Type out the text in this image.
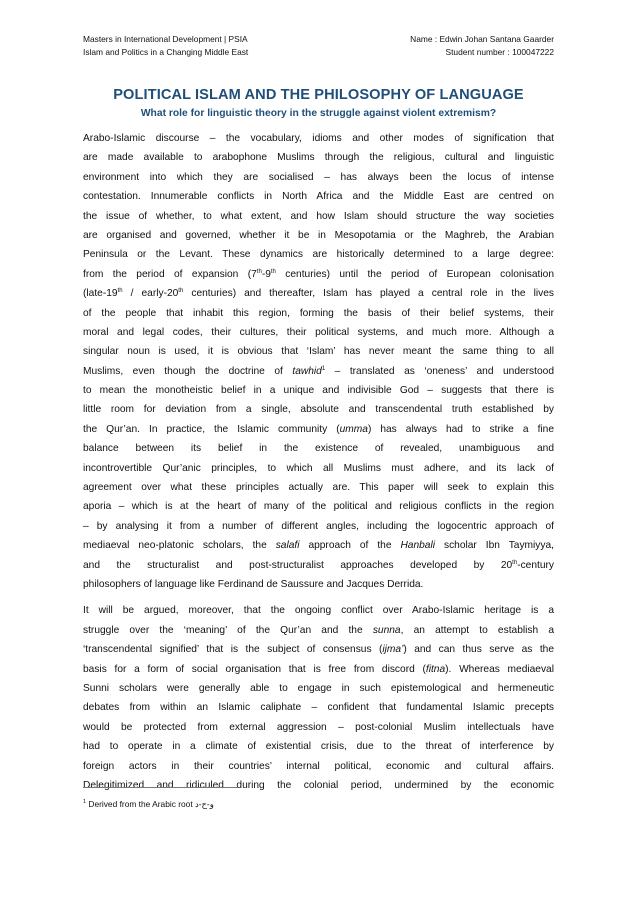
Masters in International Development | PSIA	Name : Edwin Johan Santana Gaarder
Islam and Politics in a Changing Middle East	Student number : 100047222
POLITICAL ISLAM AND THE PHILOSOPHY OF LANGUAGE
What role for linguistic theory in the struggle against violent extremism?
Arabo-Islamic discourse – the vocabulary, idioms and other modes of signification that
are made available to arabophone Muslims through the religious, cultural and linguistic
environment into which they are socialised – has always been the locus of intense
contestation. Innumerable conflicts in North Africa and the Middle East are centred on
the issue of whether, to what extent, and how Islam should structure the way societies
are organised and governed, whether it be in Mesopotamia or the Maghreb, the Arabian
Peninsula or the Levant. These dynamics are historically determined to a large degree:
from the period of expansion (7th-9th centuries) until the period of European colonisation
(late-19th / early-20th centuries) and thereafter, Islam has played a central role in the lives
of the people that inhabit this region, forming the basis of their belief systems, their
moral and legal codes, their cultures, their political systems, and much more. Although a
singular noun is used, it is obvious that ‘Islam’ has never meant the same thing to all
Muslims, even though the doctrine of tawhid$^1$ – translated as ‘oneness’ and understood
to mean the monotheistic belief in a unique and indivisible God – suggests that there is
little room for deviation from a single, absolute and transcendental truth established by
the Qur’an. In practice, the Islamic community (umma) has always had to strike a fine
balance between its belief in the existence of revealed, unambiguous and
incontrovertible Qur’anic principles, to which all Muslims must adhere, and its lack of
agreement over what these principles actually are. This paper will seek to explain this
aporia – which is at the heart of many of the political and religious conflicts in the region
– by analysing it from a number of different angles, including the logocentric approach of
mediaeval neo-platonic scholars, the salafi approach of the Hanbali scholar Ibn Taymiyya,
and the structuralist and post-structuralist approaches developed by 20th-century
philosophers of language like Ferdinand de Saussure and Jacques Derrida.
It will be argued, moreover, that the ongoing conflict over Arabo-Islamic heritage is a
struggle over the ‘meaning’ of the Qur’an and the sunna, an attempt to establish a
‘transcendental signified’ that is the subject of consensus (ijma’) and can thus serve as the
basis for a form of social organisation that is free from discord (fitna). Whereas mediaeval
Sunni scholars were generally able to engage in such epistemological and hermeneutic
debates from within an Islamic caliphate – confident that fundamental Islamic precepts
would be protected from external aggression – post-colonial Muslim intellectuals have
had to operate in a climate of existential crisis, due to the threat of interference by
foreign actors in their countries’ internal political, economic and cultural affairs.
Delegitimized and ridiculed during the colonial period, undermined by the economic
$^1$ Derived from the Arabic root و-ح-د
